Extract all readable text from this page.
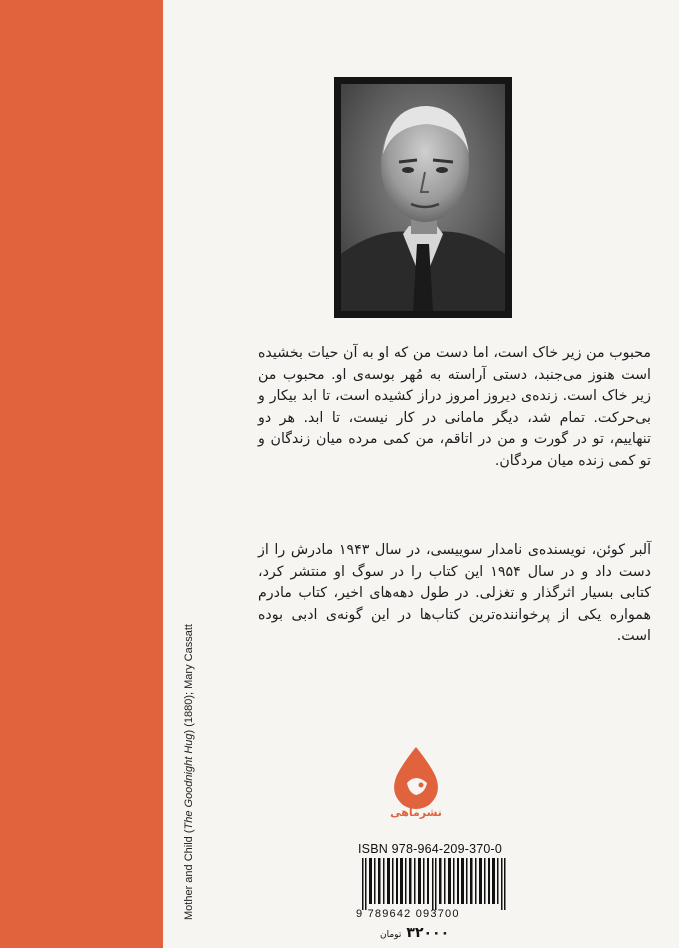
Mother and Child (The Goodnight Hug) (1880); Mary Cassatt

محبوب من زیر خاک است، اما دست من که او به آن حیات بخشیده است هنوز می‌جنبد، دستی آراسته به مُهر بوسه‌ی او. محبوب من زیر خاک است. زنده‌ی دیروز امروز دراز کشیده است، تا ابد بیکار و بی‌حرکت. تمام شد، دیگر مامانی در کار نیست، تا ابد. هر دو تنهاییم، تو در گورت و من در اتاقم، من کمی مرده میان زندگان و تو کمی زنده میان مردگان.

آلبر کوئن، نویسنده‌ی نامدار سوییسی، در سال ۱۹۴۳ مادرش را از دست داد و در سال ۱۹۵۴ این کتاب را در سوگ او منتشر کرد، کتابی بسیار اثرگذار و تغزلی. در طول دهه‌های اخیر، کتاب مادرم همواره یکی از پرخواننده‌ترین کتاب‌ها در این گونه‌ی ادبی بوده است.

نشرماهی
ISBN 978-964-209-370-0
9 789642 093700
۳۲۰۰۰ تومان
